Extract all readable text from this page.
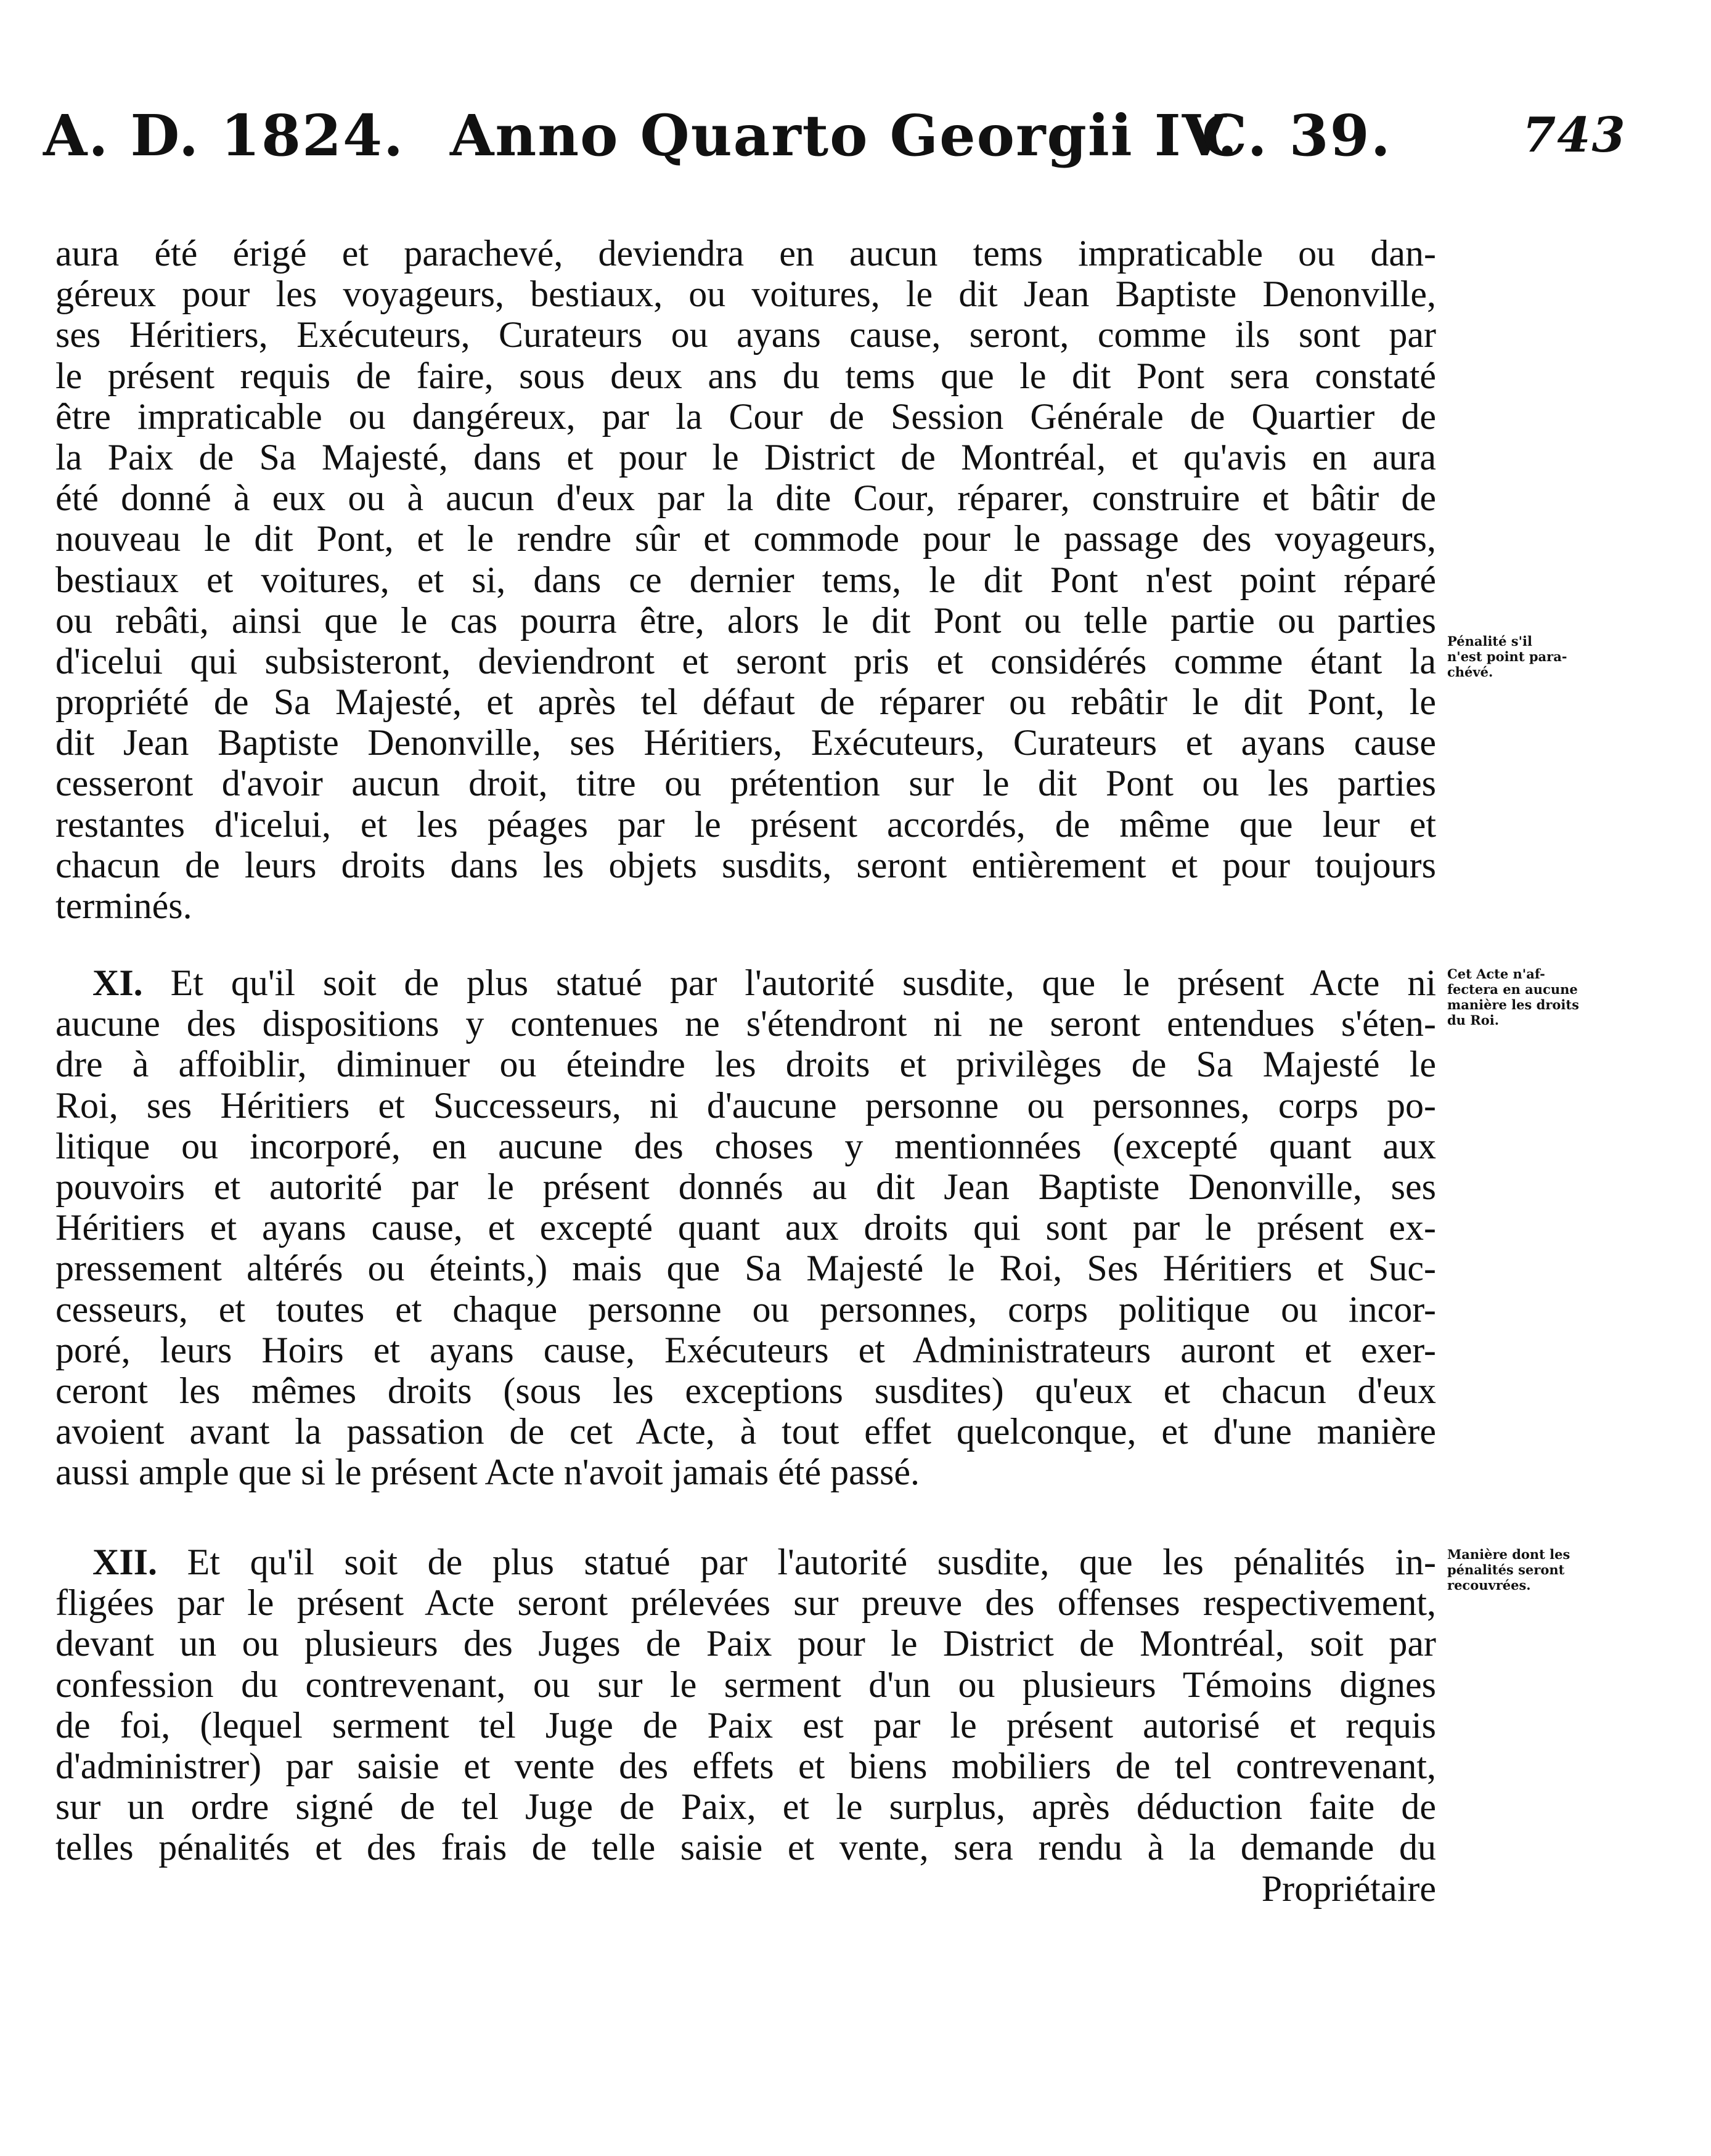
A. D. 1824. Anno Quarto Georgii IV.
C. 39.	743
aura été érigé et parachevé, deviendra en aucun tems impraticable ou dan-
géreux pour les voyageurs, bestiaux, ou voitures, le dit Jean Baptiste Denonville,
ses Héritiers, Exécuteurs, Curateurs ou ayans cause, seront, comme ils sont par
le présent requis de faire, sous deux ans du tems que le dit Pont sera constaté
être impraticable ou dangéreux, par la Cour de Session Générale de Quartier de
la Paix de Sa Majesté, dans et pour le District de Montréal, et qu'avis en aura
été donné à eux ou à aucun d'eux par la dite Cour, réparer, construire et bâtir de
nouveau le dit Pont, et le rendre sûr et commode pour le passage des voyageurs,
bestiaux et voitures, et si, dans ce dernier tems, le dit Pont n'est point réparé
ou rebâti, ainsi que le cas pourra être, alors le dit Pont ou telle partie ou parties
d'icelui qui subsisteront, deviendront et seront pris et considérés comme étant la
propriété de Sa Majesté, et après tel défaut de réparer ou rebâtir le dit Pont, le
dit Jean Baptiste Denonville, ses Héritiers, Exécuteurs, Curateurs et ayans cause
cesseront d'avoir aucun droit, titre ou prétention sur le dit Pont ou les parties
restantes d'icelui, et les péages par le présent accordés, de même que leur et
chacun de leurs droits dans les objets susdits, seront entièrement et pour toujours
terminés.
Pénalité s'il
n'est point para-
chévé.
XI. Et qu'il soit de plus statué par l'autorité susdite, que le présent Acte ni
aucune des dispositions y contenues ne s'étendront ni ne seront entendues s'éten-
dre à affoiblir, diminuer ou éteindre les droits et privilèges de Sa Majesté le
Roi, ses Héritiers et Successeurs, ni d'aucune personne ou personnes, corps po-
litique ou incorporé, en aucune des choses y mentionnées (excepté quant aux
pouvoirs et autorité par le présent donnés au dit Jean Baptiste Denonville, ses
Héritiers et ayans cause, et excepté quant aux droits qui sont par le présent ex-
pressement altérés ou éteints,) mais que Sa Majesté le Roi, Ses Héritiers et Suc-
cesseurs, et toutes et chaque personne ou personnes, corps politique ou incor-
poré, leurs Hoirs et ayans cause, Exécuteurs et Administrateurs auront et exer-
ceront les mêmes droits (sous les exceptions susdites) qu'eux et chacun d'eux
avoient avant la passation de cet Acte, à tout effet quelconque, et d'une manière
aussi ample que si le présent Acte n'avoit jamais été passé.
Cet Acte n'af-
fectera en aucune
manière les droits
du Roi.
XII. Et qu'il soit de plus statué par l'autorité susdite, que les pénalités in-
fligées par le présent Acte seront prélevées sur preuve des offenses respectivement,
devant un ou plusieurs des Juges de Paix pour le District de Montréal, soit par
confession du contrevenant, ou sur le serment d'un ou plusieurs Témoins dignes
de foi, (lequel serment tel Juge de Paix est par le présent autorisé et requis
d'administrer) par saisie et vente des effets et biens mobiliers de tel contrevenant,
sur un ordre signé de tel Juge de Paix, et le surplus, après déduction faite de
telles pénalités et des frais de telle saisie et vente, sera rendu à la demande du
Propriétaire
Manière dont les
pénalités seront
recouvrées.
